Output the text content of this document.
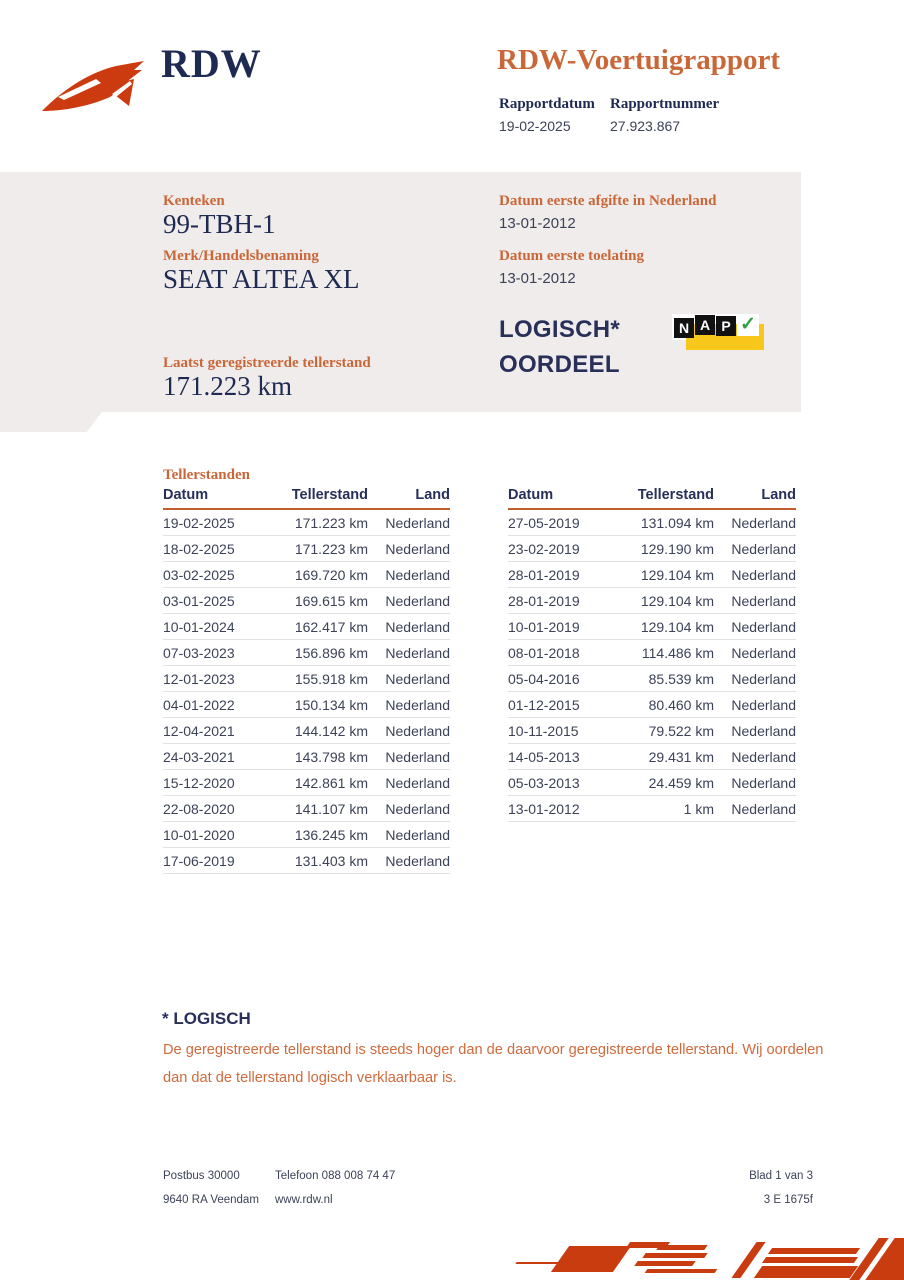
RDW	RDW-Voertuigrapport
Rapportdatum Rapportnummer
19-02-2025	27.923.867
Kenteken
99-TBH-1
Merk/Handelsbenaming
SEAT ALTEA XL
Laatst geregistreerde tellerstand
171.223 km
Datum eerste afgifte in Nederland
13-01-2012
Datum eerste toelating
13-01-2012
LOGISCH*
OORDEEL
N A P ✓
Tellerstanden
Datum	Tellerstand	Land
19-02-2025	171.223 km	Nederland
18-02-2025	171.223 km	Nederland
03-02-2025	169.720 km	Nederland
03-01-2025	169.615 km	Nederland
10-01-2024	162.417 km	Nederland
07-03-2023	156.896 km	Nederland
12-01-2023	155.918 km	Nederland
04-01-2022	150.134 km	Nederland
12-04-2021	144.142 km	Nederland
24-03-2021	143.798 km	Nederland
15-12-2020	142.861 km	Nederland
22-08-2020	141.107 km	Nederland
10-01-2020	136.245 km	Nederland
17-06-2019	131.403 km	Nederland
Datum	Tellerstand	Land
27-05-2019	131.094 km	Nederland
23-02-2019	129.190 km	Nederland
28-01-2019	129.104 km	Nederland
28-01-2019	129.104 km	Nederland
10-01-2019	129.104 km	Nederland
08-01-2018	114.486 km	Nederland
05-04-2016	85.539 km	Nederland
01-12-2015	80.460 km	Nederland
10-11-2015	79.522 km	Nederland
14-05-2013	29.431 km	Nederland
05-03-2013	24.459 km	Nederland
13-01-2012	1 km	Nederland
* LOGISCH
De geregistreerde tellerstand is steeds hoger dan de daarvoor geregistreerde tellerstand. Wij oordelen dan dat de tellerstand logisch verklaarbaar is.
Postbus 30000	Telefoon 088 008 74 47	Blad 1 van 3
9640 RA Veendam www.rdw.nl	3 E 1675f
